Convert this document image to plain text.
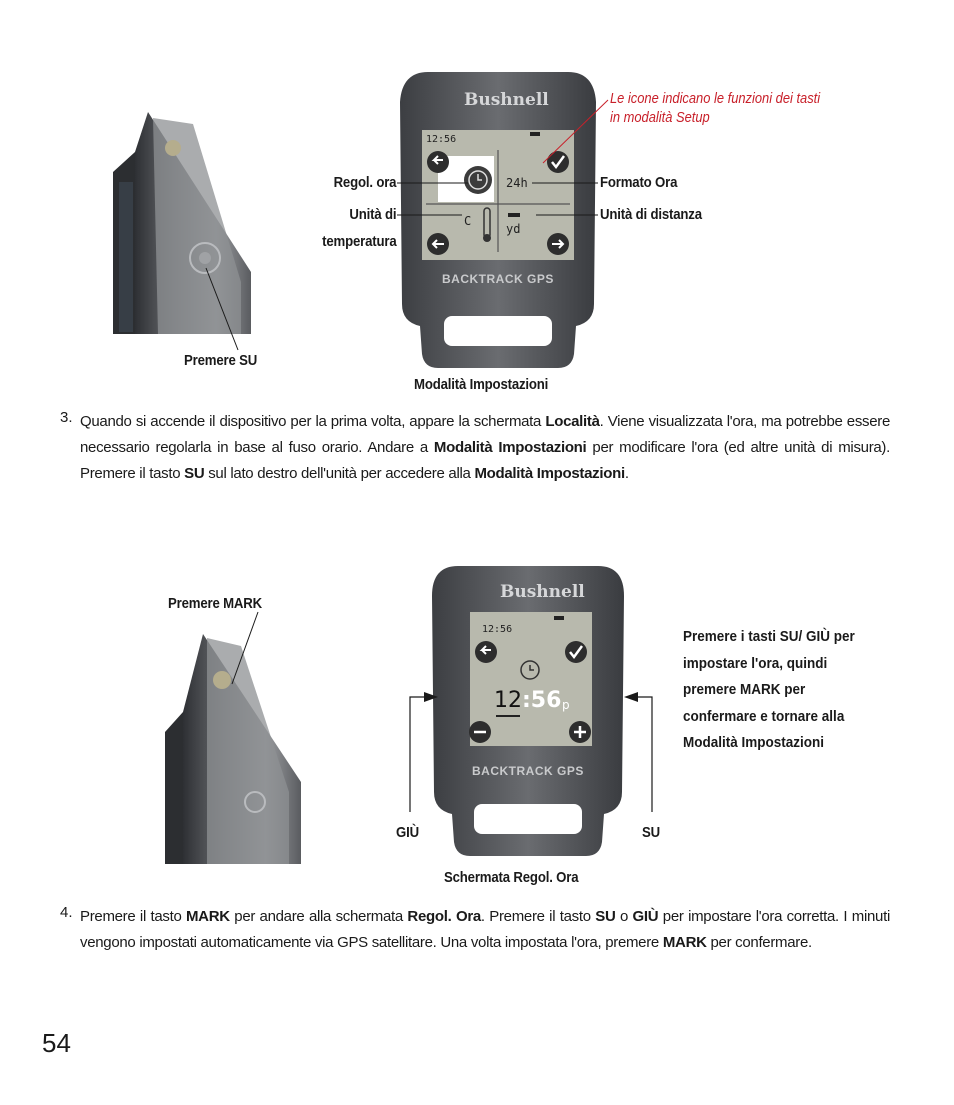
Premere SU
Bushnell
BACKTRACK GPS
12:56
24h
C
yd
Le icone indicano le funzioni dei tasti in modalità Setup
Regol. ora
Unità di
temperatura
Formato Ora
Unità di distanza
Modalità Impostazioni
3. Quando si accende il dispositivo per la prima volta, appare la schermata Località. Viene visualizzata l'ora, ma potrebbe essere necessario regolarla in base al fuso orario. Andare a Modalità Impostazioni per modificare l'ora (ed altre unità di misura). Premere il tasto SU sul lato destro dell'unità per accedere alla Modalità Impostazioni.
Premere MARK
Bushnell
BACKTRACK GPS
12:56
12 :56 p
Premere i tasti SU/ GIÙ per impostare l'ora, quindi premere MARK per confermare e tornare alla Modalità Impostazioni
GIÙ	SU
Schermata Regol. Ora
4. Premere il tasto MARK per andare alla schermata Regol. Ora. Premere il tasto SU o GIÙ per impostare l'ora corretta. I minuti vengono impostati automaticamente via GPS satellitare. Una volta impostata l'ora, premere MARK per confermare.
54
